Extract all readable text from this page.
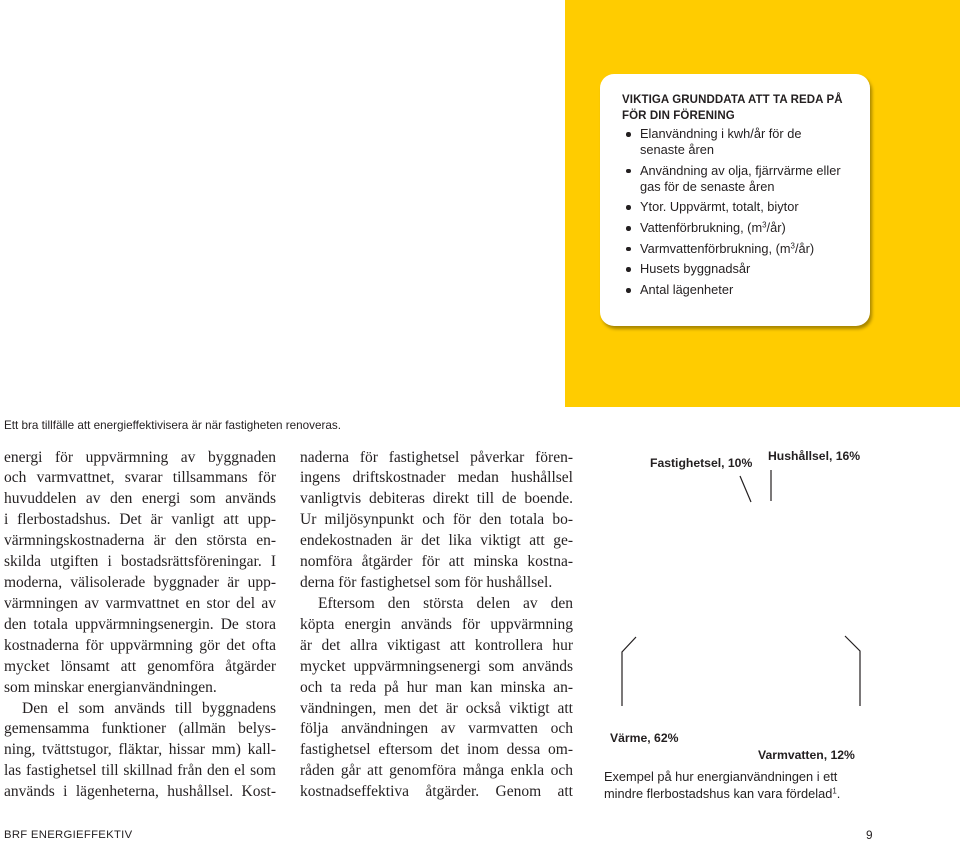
VIKTIGA GRUNDDATA ATT TA REDA PÅ
FÖR DIN FÖRENING
Elanvändning i kwh/år för de
senaste åren
Användning av olja, fjärrvärme eller
gas för de senaste åren
Ytor. Uppvärmt, totalt, biytor
Vattenförbrukning, $(m^3/år)$
Varmvattenförbrukning, $(m^3/år)$
Husets byggnadsår
Antal lägenheter
Ett bra tillfälle att energieffektivisera är när fastigheten renoveras.
energi för uppvärmning av byggnaden
och varmvattnet, svarar tillsammans för
huvuddelen av den energi som används
i flerbostadshus. Det är vanligt att upp-
värmningskostnaderna är den största en-
skilda utgiften i bostadsrättsföreningar. I
moderna, välisolerade byggnader är upp-
värmningen av varmvattnet en stor del av
den totala uppvärmningsenergin. De stora
kostnaderna för uppvärmning gör det ofta
mycket lönsamt att genomföra åtgärder
som minskar energianvändningen.
Den el som används till byggnadens
gemensamma funktioner (allmän belys-
ning, tvättstugor, fläktar, hissar mm) kall-
las fastighetsel till skillnad från den el som
används i lägenheterna, hushållsel. Kost-
naderna för fastighetsel påverkar fören-
ingens driftskostnader medan hushållsel
vanligtvis debiteras direkt till de boende.
Ur miljösynpunkt och för den totala bo-
endekostnaden är det lika viktigt att ge-
nomföra åtgärder för att minska kostna-
derna för fastighetsel som för hushållsel.
Eftersom den största delen av den
köpta energin används för uppvärmning
är det allra viktigast att kontrollera hur
mycket uppvärmningsenergi som används
och ta reda på hur man kan minska an-
vändningen, men det är också viktigt att
följa användningen av varmvatten och
fastighetsel eftersom det inom dessa om-
råden går att genomföra många enkla och
kostnadseffektiva åtgärder. Genom att
Fastighetsel, 10% Hushållsel, 16%
Värme, 62%
Varmvatten, 12%
Exempel på hur energianvändningen i ett
mindre flerbostadshus kan vara fördelad$^1$.
BRF ENERGIEFFEKTIV	9
